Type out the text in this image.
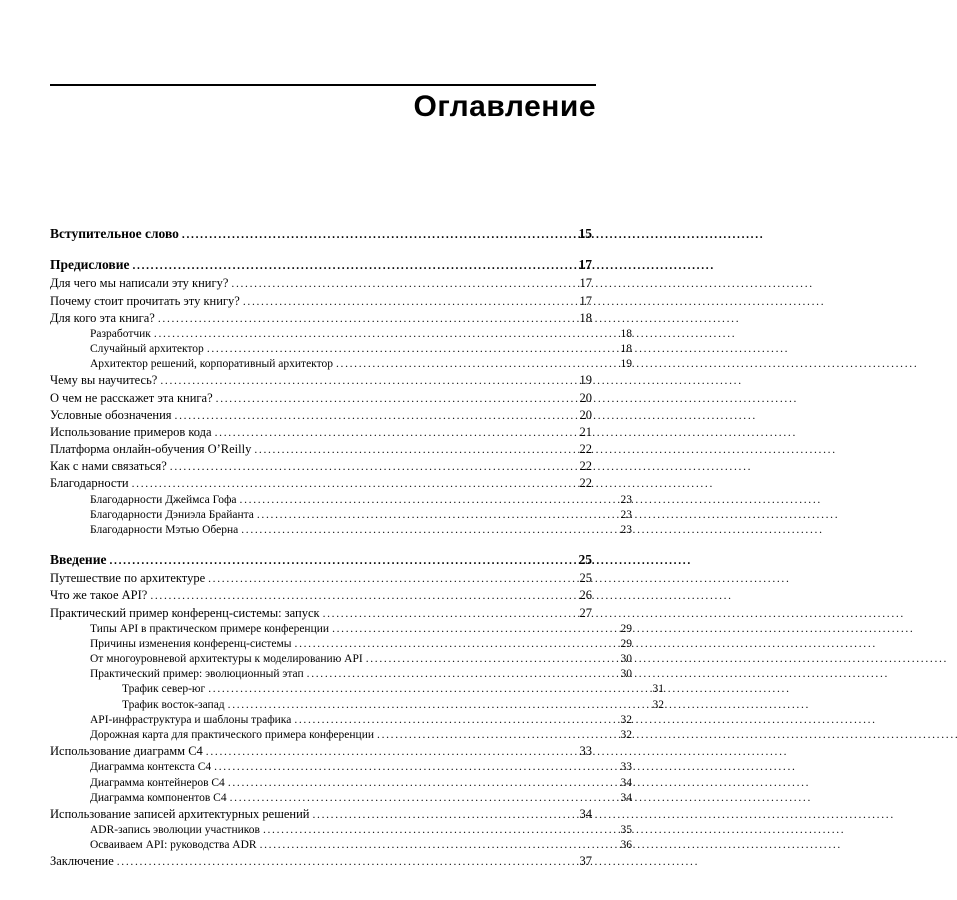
Оглавление
Вступительное слово . . .	15
Предисловие . . .	17
Для чего мы написали эту книгу? . . .	17
Почему стоит прочитать эту книгу? . . .	17
Для кого эта книга? . . .	18
Разработчик . . .	18
Случайный архитектор . . .	18
Архитектор решений, корпоративный архитектор . . .	19
Чему вы научитесь? . . .	19
О чем не расскажет эта книга? . . .	20
Условные обозначения . . .	20
Использование примеров кода . . .	21
Платформа онлайн-обучения O’Reilly . . .	22
Как с нами связаться? . . .	22
Благодарности . . .	22
Благодарности Джеймса Гофа . . .	23
Благодарности Дэниэла Брайанта . . .	23
Благодарности Мэтью Оберна . . .	23
Введение . . .	25
Путешествие по архитектуре . . .	25
Что же такое API? . . .	26
Практический пример конференц-системы: запуск . . .	27
Типы API в практическом примере конференции . . .	29
Причины изменения конференц-системы . . .	29
От многоуровневой архитектуры к моделированию API . . .	30
Практический пример: эволюционный этап . . .	30
Трафик север-юг . . .	31
Трафик восток-запад . . .	32
API-инфраструктура и шаблоны трафика . . .	32
Дорожная карта для практического примера конференции . . .	32
Использование диаграмм C4 . . .	33
Диаграмма контекста C4 . . .	33
Диаграмма контейнеров C4 . . .	34
Диаграмма компонентов C4 . . .	34
Использование записей архитектурных решений . . .	34
ADR-запись эволюции участников . . .	35
Осваиваем API: руководства ADR . . .	36
Заключение . . .	37
